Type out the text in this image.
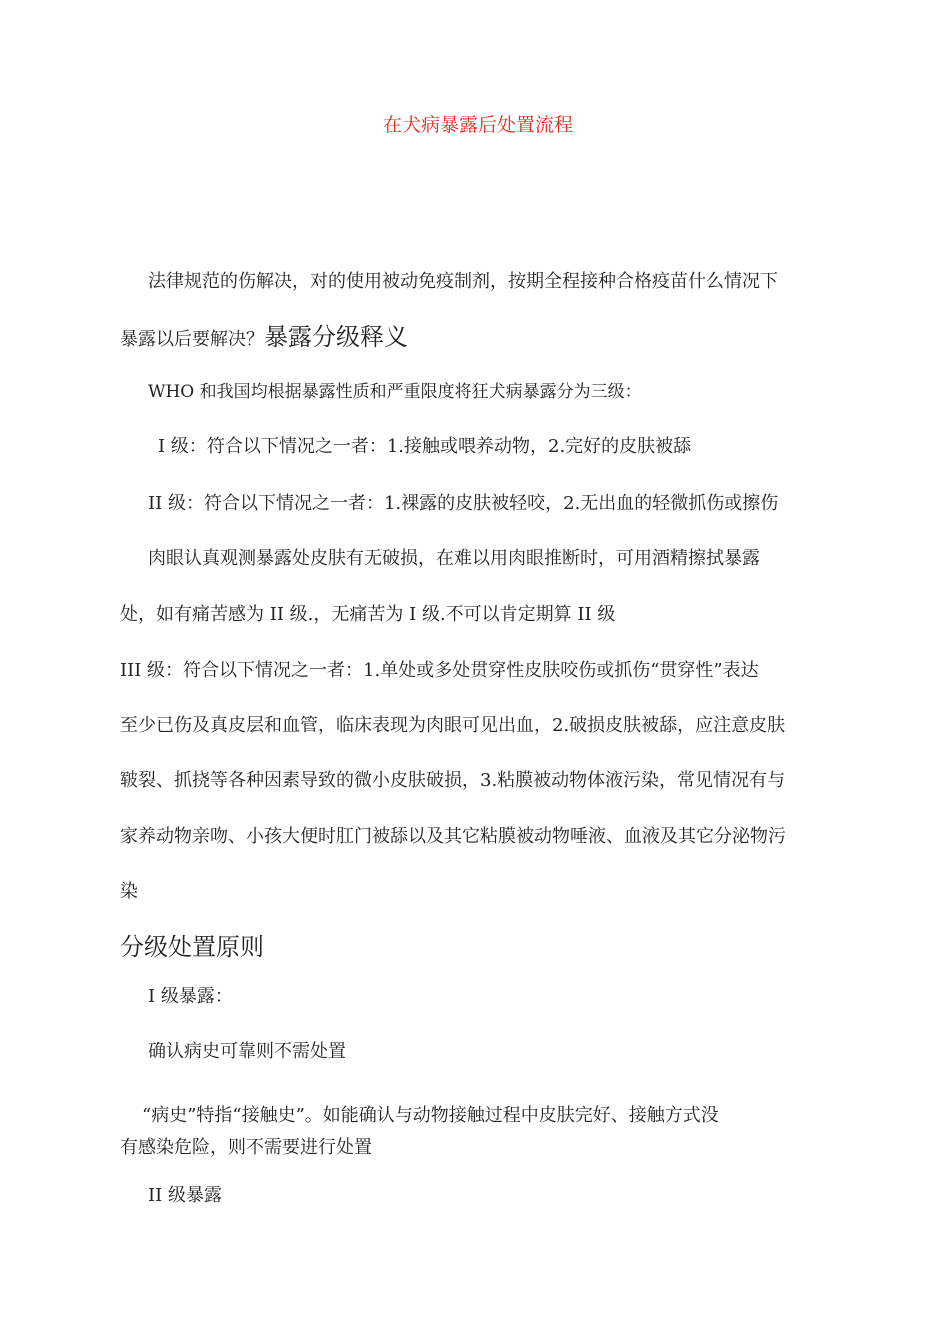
在犬病暴露后处置流程
法律规范的伤解决，对的使用被动免疫制剂，按期全程接种合格疫苗什么情况下
暴露以后要解决？暴露分级释义
WHO 和我国均根据暴露性质和严重限度将狂犬病暴露分为三级：
I 级：符合以下情况之一者：1.接触或喂养动物，2.完好的皮肤被舔
II 级：符合以下情况之一者：1.裸露的皮肤被轻咬，2.无出血的轻微抓伤或擦伤
肉眼认真观测暴露处皮肤有无破损，在难以用肉眼推断时，可用酒精擦拭暴露
处，如有痛苦感为 II 级.，无痛苦为 I 级.不可以肯定期算 II 级
III 级：符合以下情况之一者：1.单处或多处贯穿性皮肤咬伤或抓伤“贯穿性”表达
至少已伤及真皮层和血管，临床表现为肉眼可见出血，2.破损皮肤被舔，应注意皮肤
皲裂、抓挠等各种因素导致的微小皮肤破损，3.粘膜被动物体液污染，常见情况有与
家养动物亲吻、小孩大便时肛门被舔以及其它粘膜被动物唾液、血液及其它分泌物污
染
分级处置原则
I 级暴露：
确认病史可靠则不需处置
“病史”特指“接触史”。如能确认与动物接触过程中皮肤完好、接触方式没
有感染危险，则不需要进行处置
II 级暴露
